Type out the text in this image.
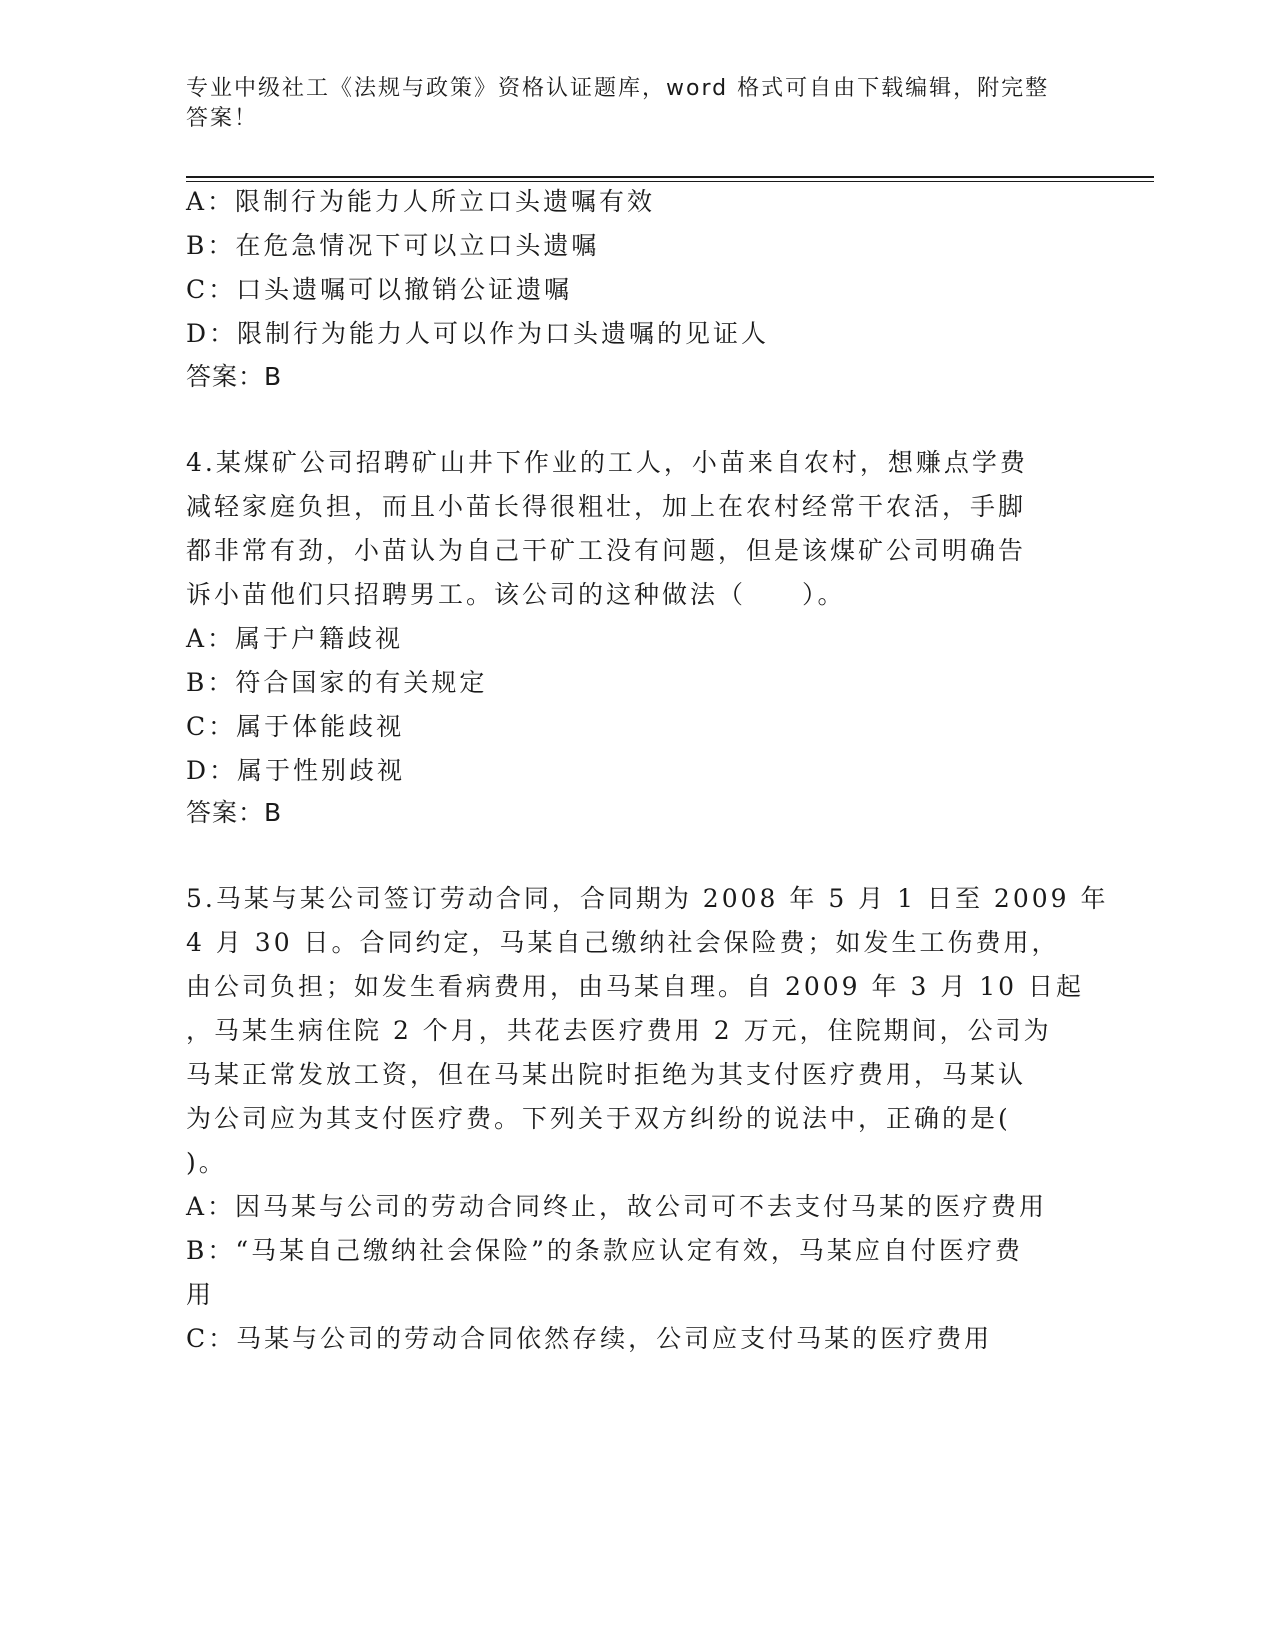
专业中级社工《法规与政策》资格认证题库，word 格式可自由下载编辑，附完整答案！
A：限制行为能力人所立口头遗嘱有效
B：在危急情况下可以立口头遗嘱
C：口头遗嘱可以撤销公证遗嘱
D：限制行为能力人可以作为口头遗嘱的见证人
答案：B
4.某煤矿公司招聘矿山井下作业的工人，小苗来自农村，想赚点学费
减轻家庭负担，而且小苗长得很粗壮，加上在农村经常干农活，手脚
都非常有劲，小苗认为自己干矿工没有问题，但是该煤矿公司明确告
诉小苗他们只招聘男工。该公司的这种做法（　　）。
A：属于户籍歧视
B：符合国家的有关规定
C：属于体能歧视
D：属于性别歧视
答案：B
5.马某与某公司签订劳动合同，合同期为 2008 年 5 月 1 日至 2009 年
4 月 30 日。合同约定，马某自己缴纳社会保险费；如发生工伤费用，
由公司负担；如发生看病费用，由马某自理。自 2009 年 3 月 10 日起
，马某生病住院 2 个月，共花去医疗费用 2 万元，住院期间，公司为
马某正常发放工资，但在马某出院时拒绝为其支付医疗费用，马某认
为公司应为其支付医疗费。下列关于双方纠纷的说法中，正确的是(
)。
A：因马某与公司的劳动合同终止，故公司可不去支付马某的医疗费用
B：“马某自己缴纳社会保险”的条款应认定有效，马某应自付医疗费
用
C：马某与公司的劳动合同依然存续，公司应支付马某的医疗费用
